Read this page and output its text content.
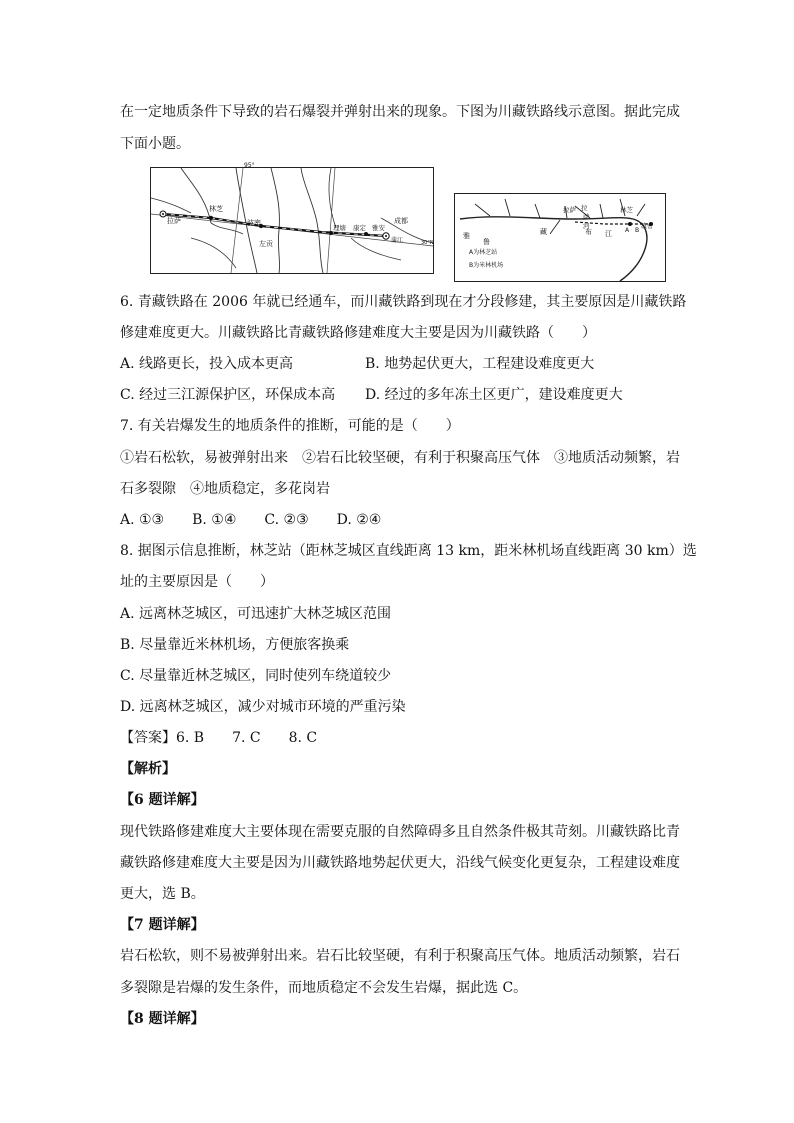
在一定地质条件下导致的岩石爆裂并弹射出来的现象。下图为川藏铁路线示意图。据此完成
下面小题。
95°
30°N
拉萨
林芝
波密
左贡
理塘 康定 雅安
成都
蒲江
雅
鲁
藏	布 江
拉萨 拉
萨
河
林芝
波密
A B
A为林芝站
B为米林机场
6. 青藏铁路在 2006 年就已经通车，而川藏铁路到现在才分段修建，其主要原因是川藏铁路
修建难度更大。川藏铁路比青藏铁路修建难度大主要是因为川藏铁路（　　）
A. 线路更长，投入成本更高	B. 地势起伏更大，工程建设难度更大
C. 经过三江源保护区，环保成本高 D. 经过的多年冻土区更广，建设难度更大
7. 有关岩爆发生的地质条件的推断，可能的是（　　）
①岩石松软，易被弹射出来　②岩石比较坚硬，有利于积聚高压气体　③地质活动频繁，岩
石多裂隙　④地质稳定，多花岗岩
A. ①③　　B. ①④　　C. ②③　　D. ②④
8. 据图示信息推断，林芝站（距林芝城区直线距离 13 km，距米林机场直线距离 30 km）选
址的主要原因是（　　）
A. 远离林芝城区，可迅速扩大林芝城区范围
B. 尽量靠近米林机场，方便旅客换乘
C. 尽量靠近林芝城区，同时使列车绕道较少
D. 远离林芝城区，减少对城市环境的严重污染
【答案】6. B　　7. C　　8. C
【解析】
【6 题详解】
现代铁路修建难度大主要体现在需要克服的自然障碍多且自然条件极其苛刻。川藏铁路比青
藏铁路修建难度大主要是因为川藏铁路地势起伏更大，沿线气候变化更复杂，工程建设难度
更大，选 B。
【7 题详解】
岩石松软，则不易被弹射出来。岩石比较坚硬，有利于积聚高压气体。地质活动频繁，岩石
多裂隙是岩爆的发生条件，而地质稳定不会发生岩爆，据此选 C。
【8 题详解】
